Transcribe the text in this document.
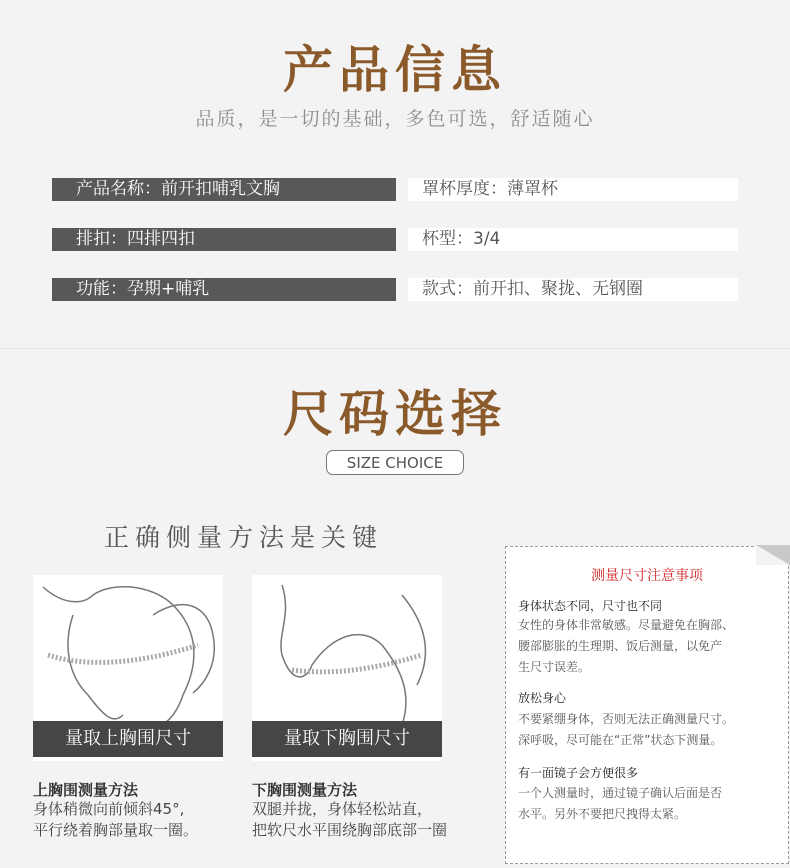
产品信息
品质，是一切的基础，多色可选，舒适随心
产品名称：前开扣哺乳文胸	罩杯厚度：薄罩杯
排扣：四排四扣	杯型：3/4
功能：孕期+哺乳	款式：前开扣、聚拢、无钢圈
尺码选择
SIZE CHOICE
正确侧量方法是关键
量取上胸围尺寸
上胸围测量方法
身体稍微向前倾斜45°,
平行绕着胸部量取一圈。
量取下胸围尺寸
下胸围测量方法
双腿并拢，身体轻松站直，
把软尺水平围绕胸部底部一圈
测量尺寸注意事项
身体状态不同，尺寸也不同
女性的身体非常敏感。尽量避免在胸部、
腰部膨胀的生理期、饭后测量，以免产
生尺寸误差。
放松身心
不要紧绷身体，否则无法正确测量尺寸。
深呼吸，尽可能在“正常”状态下测量。
有一面镜子会方便很多
一个人测量时，通过镜子确认后面是否
水平。另外不要把尺拽得太紧。
